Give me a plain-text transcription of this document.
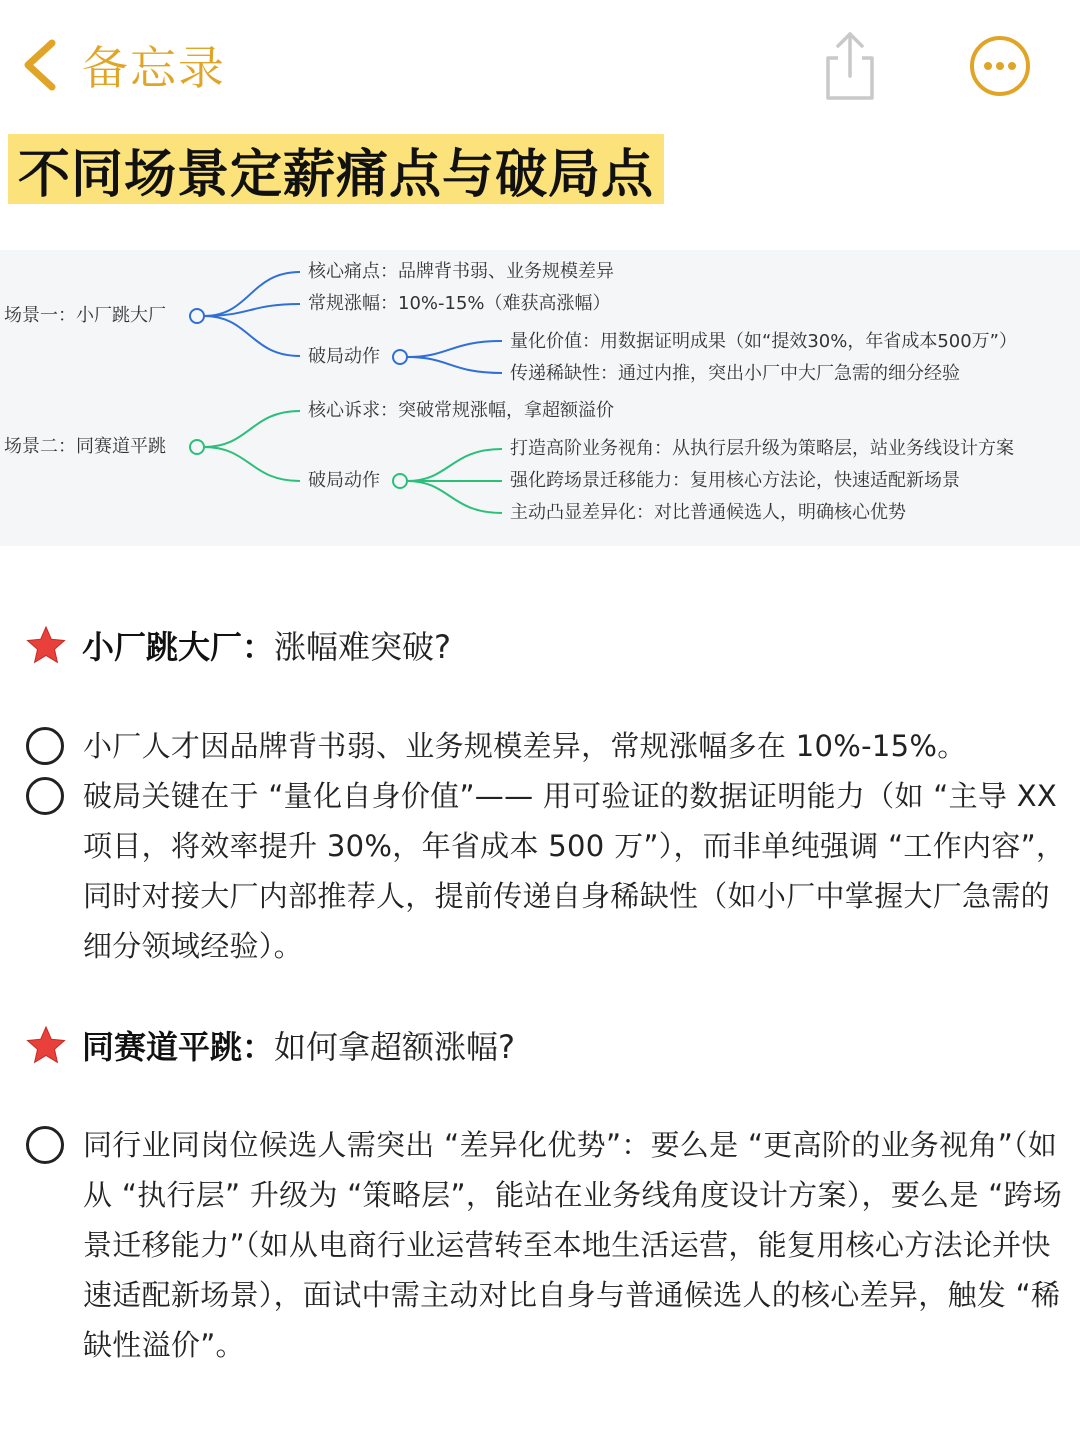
备忘录
不同场景定薪痛点与破局点
场景一：小厂跳大厂
核心痛点：品牌背书弱、业务规模差异
常规涨幅：10%-15%（难获高涨幅）
破局动作
量化价值：用数据证明成果（如“提效30%，年省成本500万”）
传递稀缺性：通过内推，突出小厂中大厂急需的细分经验
场景二：同赛道平跳
核心诉求：突破常规涨幅，拿超额溢价
破局动作
打造高阶业务视角：从执行层升级为策略层，站业务线设计方案
强化跨场景迁移能力：复用核心方法论，快速适配新场景
主动凸显差异化：对比普通候选人，明确核心优势
小厂跳大厂： 涨幅难突破?

小厂人才因品牌背书弱、业务规模差异，常规涨幅多在 10%-15%。

破局关键在于 “量化自身价值”—— 用可验证的数据证明能力（如 “主导 XX 项目，将效率提升 30%，年省成本 500 万”），而非单纯强调 “工作内容”，同时对接大厂内部推荐人，提前传递自身稀缺性（如小厂中掌握大厂急需的细分领域经验）。

同赛道平跳： 如何拿超额涨幅?

同行业同岗位候选人需突出 “差异化优势”：要么是 “更高阶的业务视角”（如从 “执行层” 升级为 “策略层”，能站在业务线角度设计方案），要么是 “跨场景迁移能力”（如从电商行业运营转至本地生活运营，能复用核心方法论并快速适配新场景），面试中需主动对比自身与普通候选人的核心差异，触发 “稀缺性溢价”。
